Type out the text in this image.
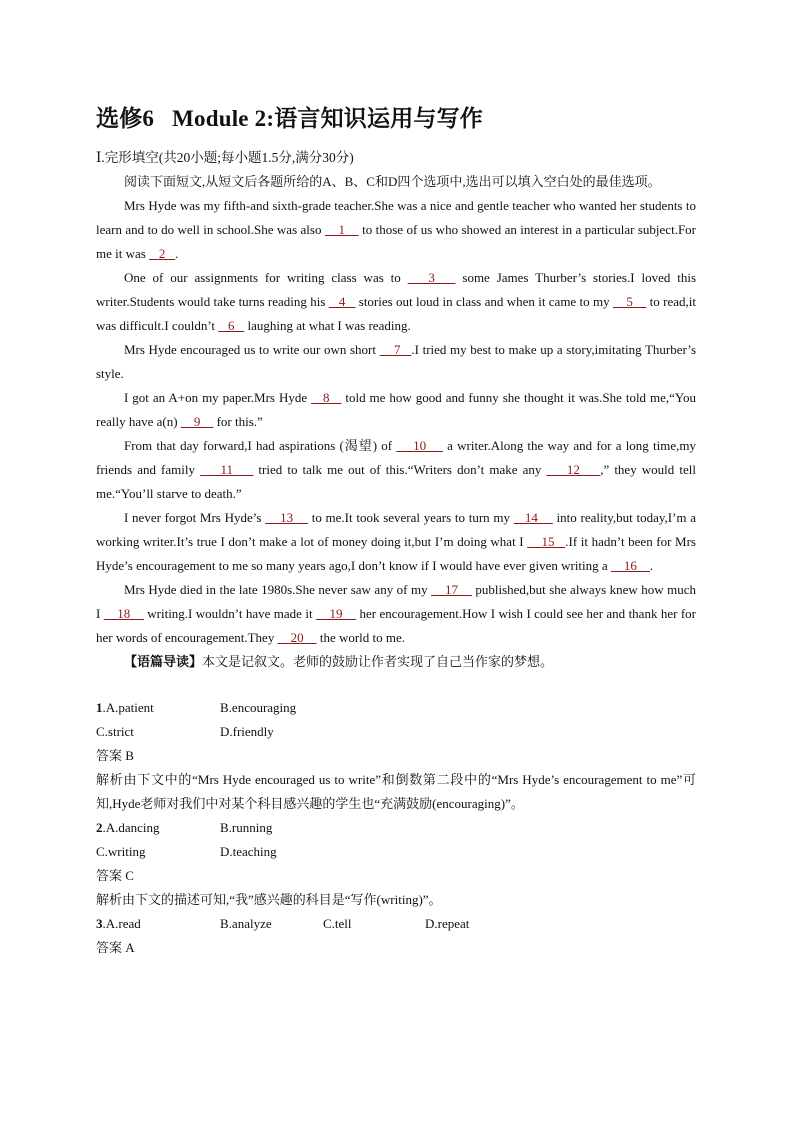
选修6 Module 2:语言知识运用与写作
Ⅰ.完形填空(共20小题;每小题1.5分,满分30分)

阅读下面短文,从短文后各题所给的A、B、C和D四个选项中,选出可以填入空白处的最佳选项。

Mrs Hyde was my fifth-and sixth-grade teacher.She was a nice and gentle teacher who wanted her students to learn and to do well in school.She was also     1     to those of us who showed an interest in a particular subject.For me it was    2   .

One of our assignments for writing class was to    3    some James Thurber’s stories.I loved this writer.Students would take turns reading his    4    stories out loud in class and when it came to my     5     to read,it was difficult.I couldn’t    6    laughing at what I was reading.

Mrs Hyde encouraged us to write our own short     7   .I tried my best to make up a story,imitating Thurber’s style.

I got an A+on my paper.Mrs Hyde    8    told me how good and funny she thought it was.She told me,“You really have a(n)     9     for this.”

From that day forward,I had aspirations (渴望) of     10     a writer.Along the way and for a long time,my friends and family     11     tried to talk me out of this.“Writers don’t make any     12    ,” they would tell me.“You’ll starve to death.”

I never forgot Mrs Hyde’s     13     to me.It took several years to turn my    14     into reality,but today,I’m a working writer.It’s true I don’t make a lot of money doing it,but I’m doing what I     15   .If it hadn’t been for Mrs Hyde’s encouragement to me so many years ago,I don’t know if I would have ever given writing a     16    .

Mrs Hyde died in the late 1980s.She never saw any of my     17     published,but she always knew how much I     18     writing.I wouldn’t have made it     19     her encouragement.How I wish I could see her and thank her for her words of encouragement.They     20     the world to me.

【语篇导读】本文是记叙文。老师的鼓励让作者实现了自己当作家的梦想。

1.A.patient	B.encouraging
C.strict	D.friendly
答案 B
解析由下文中的“Mrs Hyde encouraged us to write”和倒数第二段中的“Mrs Hyde’s encouragement to me”可知,Hyde老师对我们中对某个科目感兴趣的学生也“充满鼓励(encouraging)”。
2.A.dancing	B.running
C.writing	D.teaching
答案 C
解析由下文的描述可知,“我”感兴趣的科目是“写作(writing)”。
3.A.read	B.analyze	C.tell	D.repeat
答案 A
